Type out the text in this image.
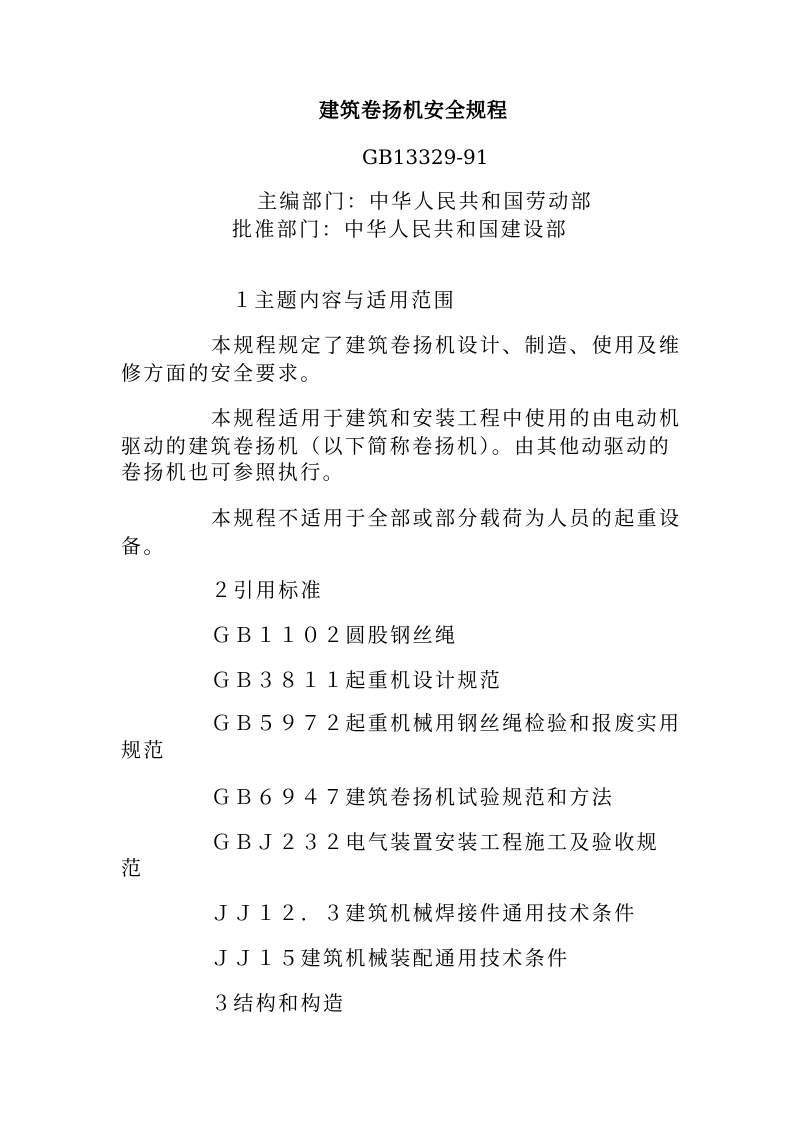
建筑卷扬机安全规程
GB13329-91
主编部门：中华人民共和国劳动部
批准部门：中华人民共和国建设部
１主题内容与适用范围
本规程规定了建筑卷扬机设计、制造、使用及维
修方面的安全要求。
本规程适用于建筑和安装工程中使用的由电动机
驱动的建筑卷扬机（以下简称卷扬机）。由其他动驱动的
卷扬机也可参照执行。
本规程不适用于全部或部分载荷为人员的起重设
备。
２引用标准
ＧＢ１１０２圆股钢丝绳
ＧＢ３８１１起重机设计规范
ＧＢ５９７２起重机械用钢丝绳检验和报废实用
规范
ＧＢ６９４７建筑卷扬机试验规范和方法
ＧＢＪ２３２电气装置安装工程施工及验收规
范
ＪＪ１２．３建筑机械焊接件通用技术条件
ＪＪ１５建筑机械装配通用技术条件
３结构和构造
